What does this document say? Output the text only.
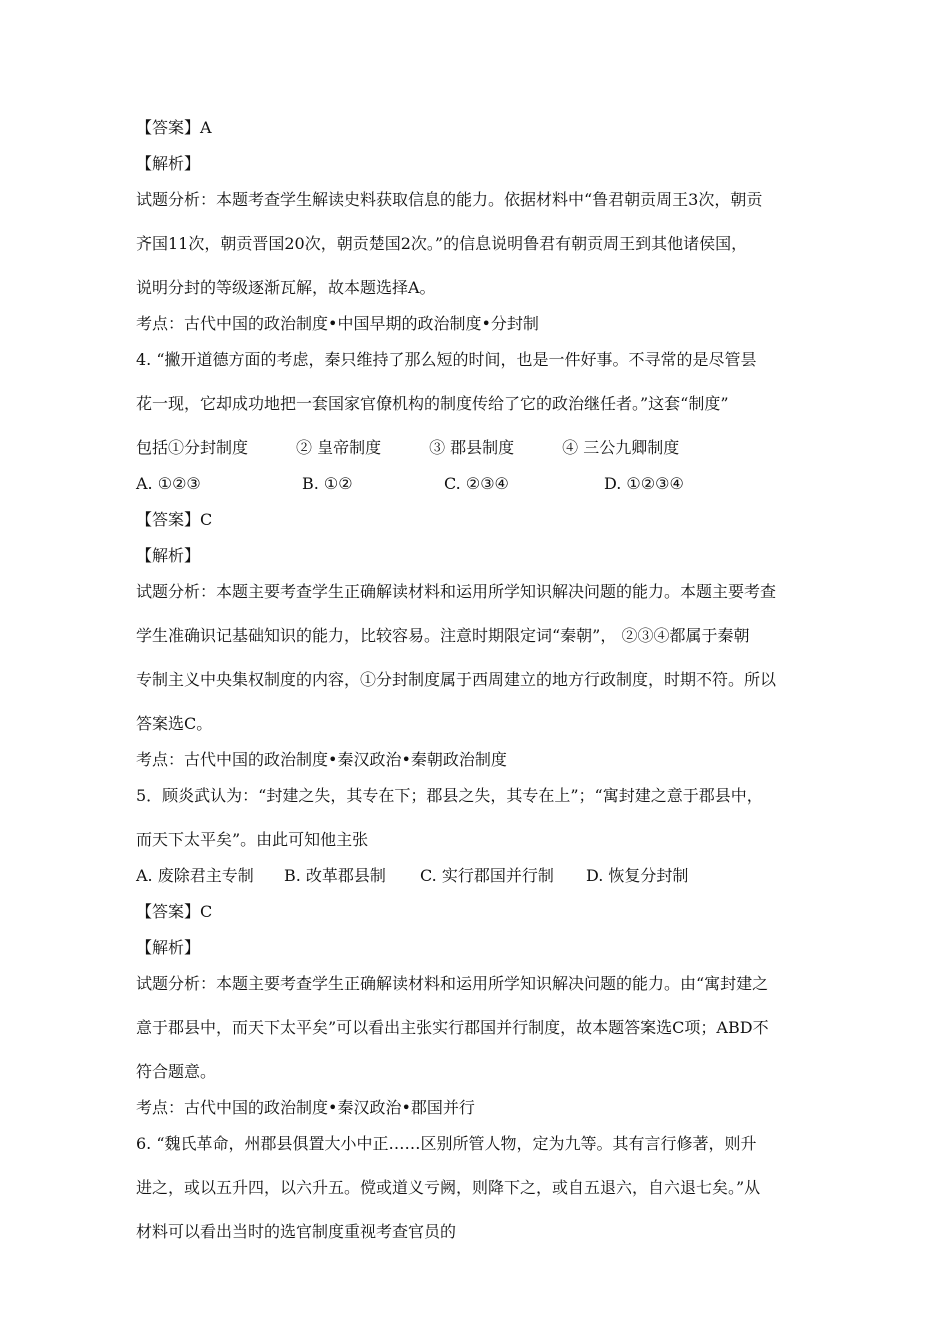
【答案】A
【解析】
试题分析：本题考查学生解读史料获取信息的能力。依据材料中“鲁君朝贡周王3次，朝贡
齐国11次，朝贡晋国20次，朝贡楚国2次。”的信息说明鲁君有朝贡周王到其他诸侯国，
说明分封的等级逐渐瓦解，故本题选择A。
考点：古代中国的政治制度•中国早期的政治制度•分封制
4. “撇开道德方面的考虑，秦只维持了那么短的时间，也是一件好事。不寻常的是尽管昙
花一现，它却成功地把一套国家官僚机构的制度传给了它的政治继任者。”这套“制度”
包括①分封制度　　　② 皇帝制度　　　③ 郡县制度　　　④ 三公九卿制度
A. ①②③	B. ①②	C. ②③④	D. ①②③④
【答案】C
【解析】
试题分析：本题主要考查学生正确解读材料和运用所学知识解决问题的能力。本题主要考查
学生准确识记基础知识的能力，比较容易。注意时期限定词“秦朝”， ②③④都属于秦朝
专制主义中央集权制度的内容，①分封制度属于西周建立的地方行政制度，时期不符。所以
答案选C。
考点：古代中国的政治制度•秦汉政治•秦朝政治制度
5．顾炎武认为：“封建之失，其专在下；郡县之失，其专在上”；“寓封建之意于郡县中，
而天下太平矣”。由此可知他主张
A. 废除君主专制 B. 改革郡县制 C. 实行郡国并行制 D. 恢复分封制
【答案】C
【解析】
试题分析：本题主要考查学生正确解读材料和运用所学知识解决问题的能力。由“寓封建之
意于郡县中，而天下太平矣”可以看出主张实行郡国并行制度，故本题答案选C项；ABD不
符合题意。
考点：古代中国的政治制度•秦汉政治•郡国并行
6. “魏氏革命，州郡县俱置大小中正……区别所管人物，定为九等。其有言行修著，则升
进之，或以五升四，以六升五。傥或道义亏阙，则降下之，或自五退六，自六退七矣。”从
材料可以看出当时的选官制度重视考查官员的
